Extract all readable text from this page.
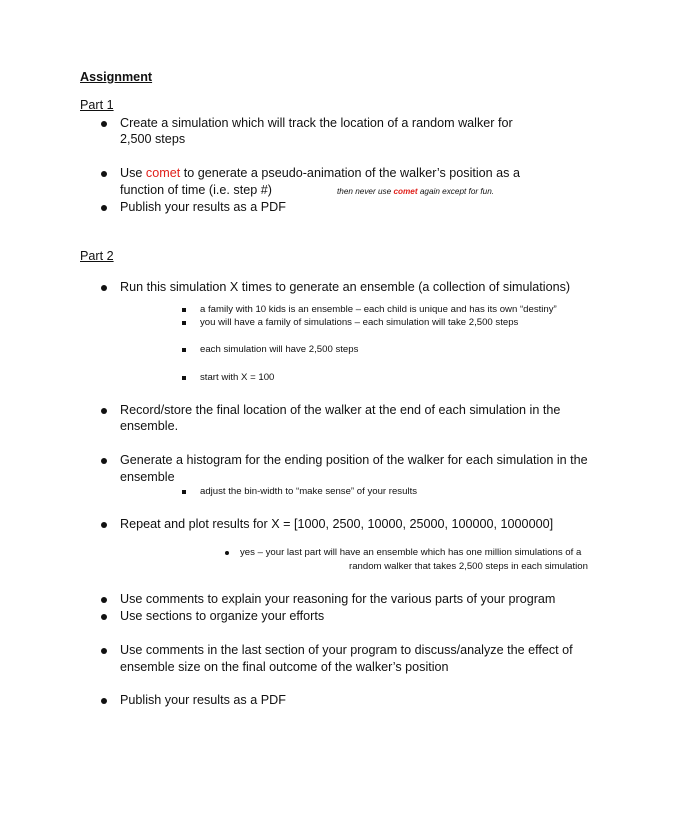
Assignment
Part 1
Create a simulation which will track the location of a random walker for
2,500 steps
Use comet to generate a pseudo-animation of the walker’s position as a
function of time (i.e. step #)	then never use comet again except for fun.
Publish your results as a PDF
Part 2
Run this simulation X times to generate an ensemble (a collection of simulations)
a family with 10 kids is an ensemble – each child is unique and has its own “destiny”
you will have a family of simulations – each simulation will take 2,500 steps
each simulation will have 2,500 steps
start with X = 100
Record/store the final location of the walker at the end of each simulation in the
ensemble.
Generate a histogram for the ending position of the walker for each simulation in the
ensemble
adjust the bin-width to “make sense” of your results
Repeat and plot results for X = [1000, 2500, 10000, 25000, 100000, 1000000]
yes – your last part will have an ensemble which has one million simulations of a
random walker that takes 2,500 steps in each simulation
Use comments to explain your reasoning for the various parts of your program
Use sections to organize your efforts
Use comments in the last section of your program to discuss/analyze the effect of
ensemble size on the final outcome of the walker’s position
Publish your results as a PDF
